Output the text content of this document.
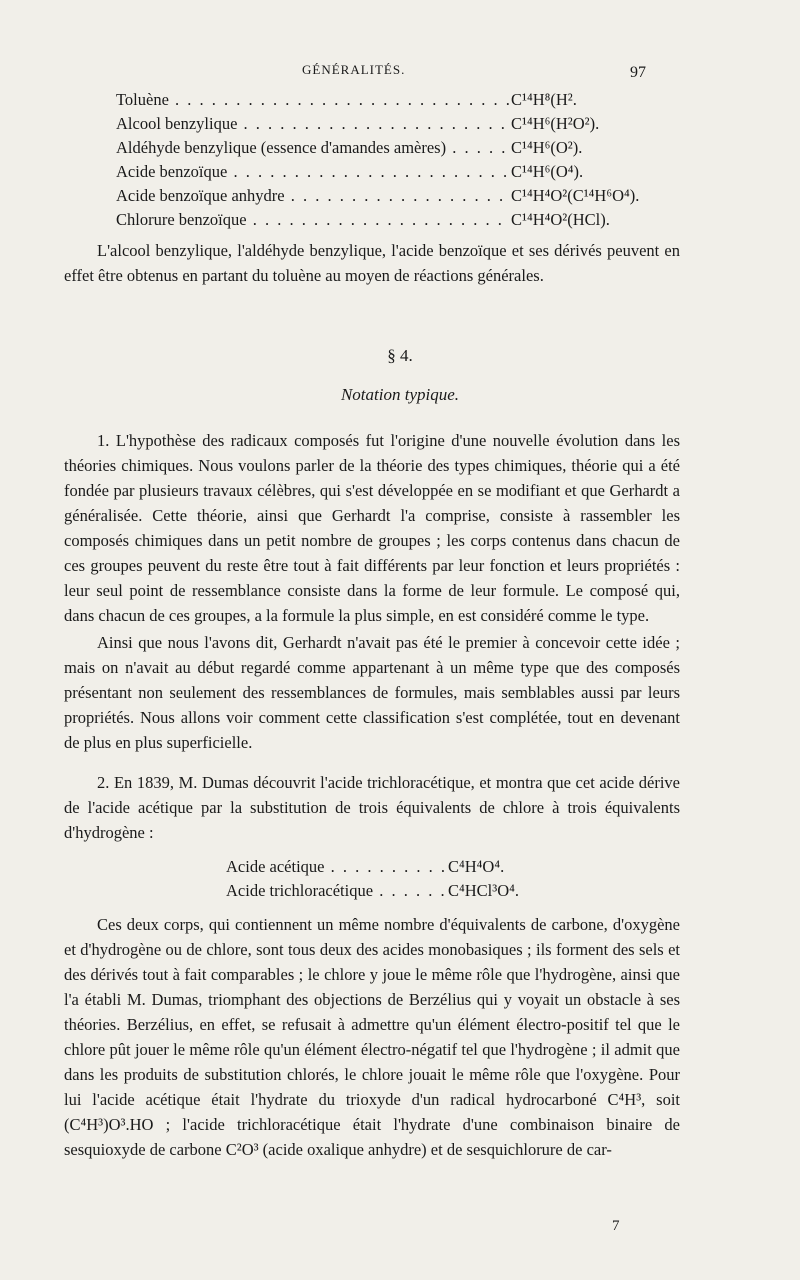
GÉNÉRALITÉS.	97
Toluène . . .	C¹⁴H⁸(H².
Alcool benzylique . . .	C¹⁴H⁶(H²O²).
Aldéhyde benzylique (essence d'amandes amères) . . .	C¹⁴H⁶(O²).
Acide benzoïque . . .	C¹⁴H⁶(O⁴).
Acide benzoïque anhydre . . .	C¹⁴H⁴O²(C¹⁴H⁶O⁴).
Chlorure benzoïque . . .	C¹⁴H⁴O²(HCl).

L'alcool benzylique, l'aldéhyde benzylique, l'acide benzoïque et ses dérivés peuvent en effet être obtenus en partant du toluène au moyen de réactions générales.

§ 4.
Notation typique.

1. L'hypothèse des radicaux composés fut l'origine d'une nouvelle évolution dans les théories chimiques. Nous voulons parler de la théorie des types chimiques, théorie qui a été fondée par plusieurs travaux célèbres, qui s'est développée en se modifiant et que Gerhardt a généralisée. Cette théorie, ainsi que Gerhardt l'a comprise, consiste à rassembler les composés chimiques dans un petit nombre de groupes ; les corps contenus dans chacun de ces groupes peuvent du reste être tout à fait différents par leur fonction et leurs propriétés : leur seul point de ressemblance consiste dans la forme de leur formule. Le composé qui, dans chacun de ces groupes, a la formule la plus simple, en est considéré comme le type.

Ainsi que nous l'avons dit, Gerhardt n'avait pas été le premier à concevoir cette idée ; mais on n'avait au début regardé comme appartenant à un même type que des composés présentant non seulement des ressemblances de formules, mais semblables aussi par leurs propriétés. Nous allons voir comment cette classification s'est complétée, tout en devenant de plus en plus superficielle.

2. En 1839, M. Dumas découvrit l'acide trichloracétique, et montra que cet acide dérive de l'acide acétique par la substitution de trois équivalents de chlore à trois équivalents d'hydrogène :

Acide acétique . . .	C⁴H⁴O⁴.
Acide trichloracétique . . .	C⁴HCl³O⁴.

Ces deux corps, qui contiennent un même nombre d'équivalents de carbone, d'oxygène et d'hydrogène ou de chlore, sont tous deux des acides monobasiques ; ils forment des sels et des dérivés tout à fait comparables ; le chlore y joue le même rôle que l'hydrogène, ainsi que l'a établi M. Dumas, triomphant des objections de Berzélius qui y voyait un obstacle à ses théories. Berzélius, en effet, se refusait à admettre qu'un élément électro-positif tel que le chlore pût jouer le même rôle qu'un élément électro-négatif tel que l'hydrogène ; il admit que dans les produits de substitution chlorés, le chlore jouait le même rôle que l'oxygène. Pour lui l'acide acétique était l'hydrate du trioxyde d'un radical hydrocarboné C⁴H³, soit (C⁴H³)O³.HO ; l'acide trichloracétique était l'hydrate d'une combinaison binaire de sesquioxyde de carbone C²O³ (acide oxalique anhydre) et de sesquichlorure de car-

7
